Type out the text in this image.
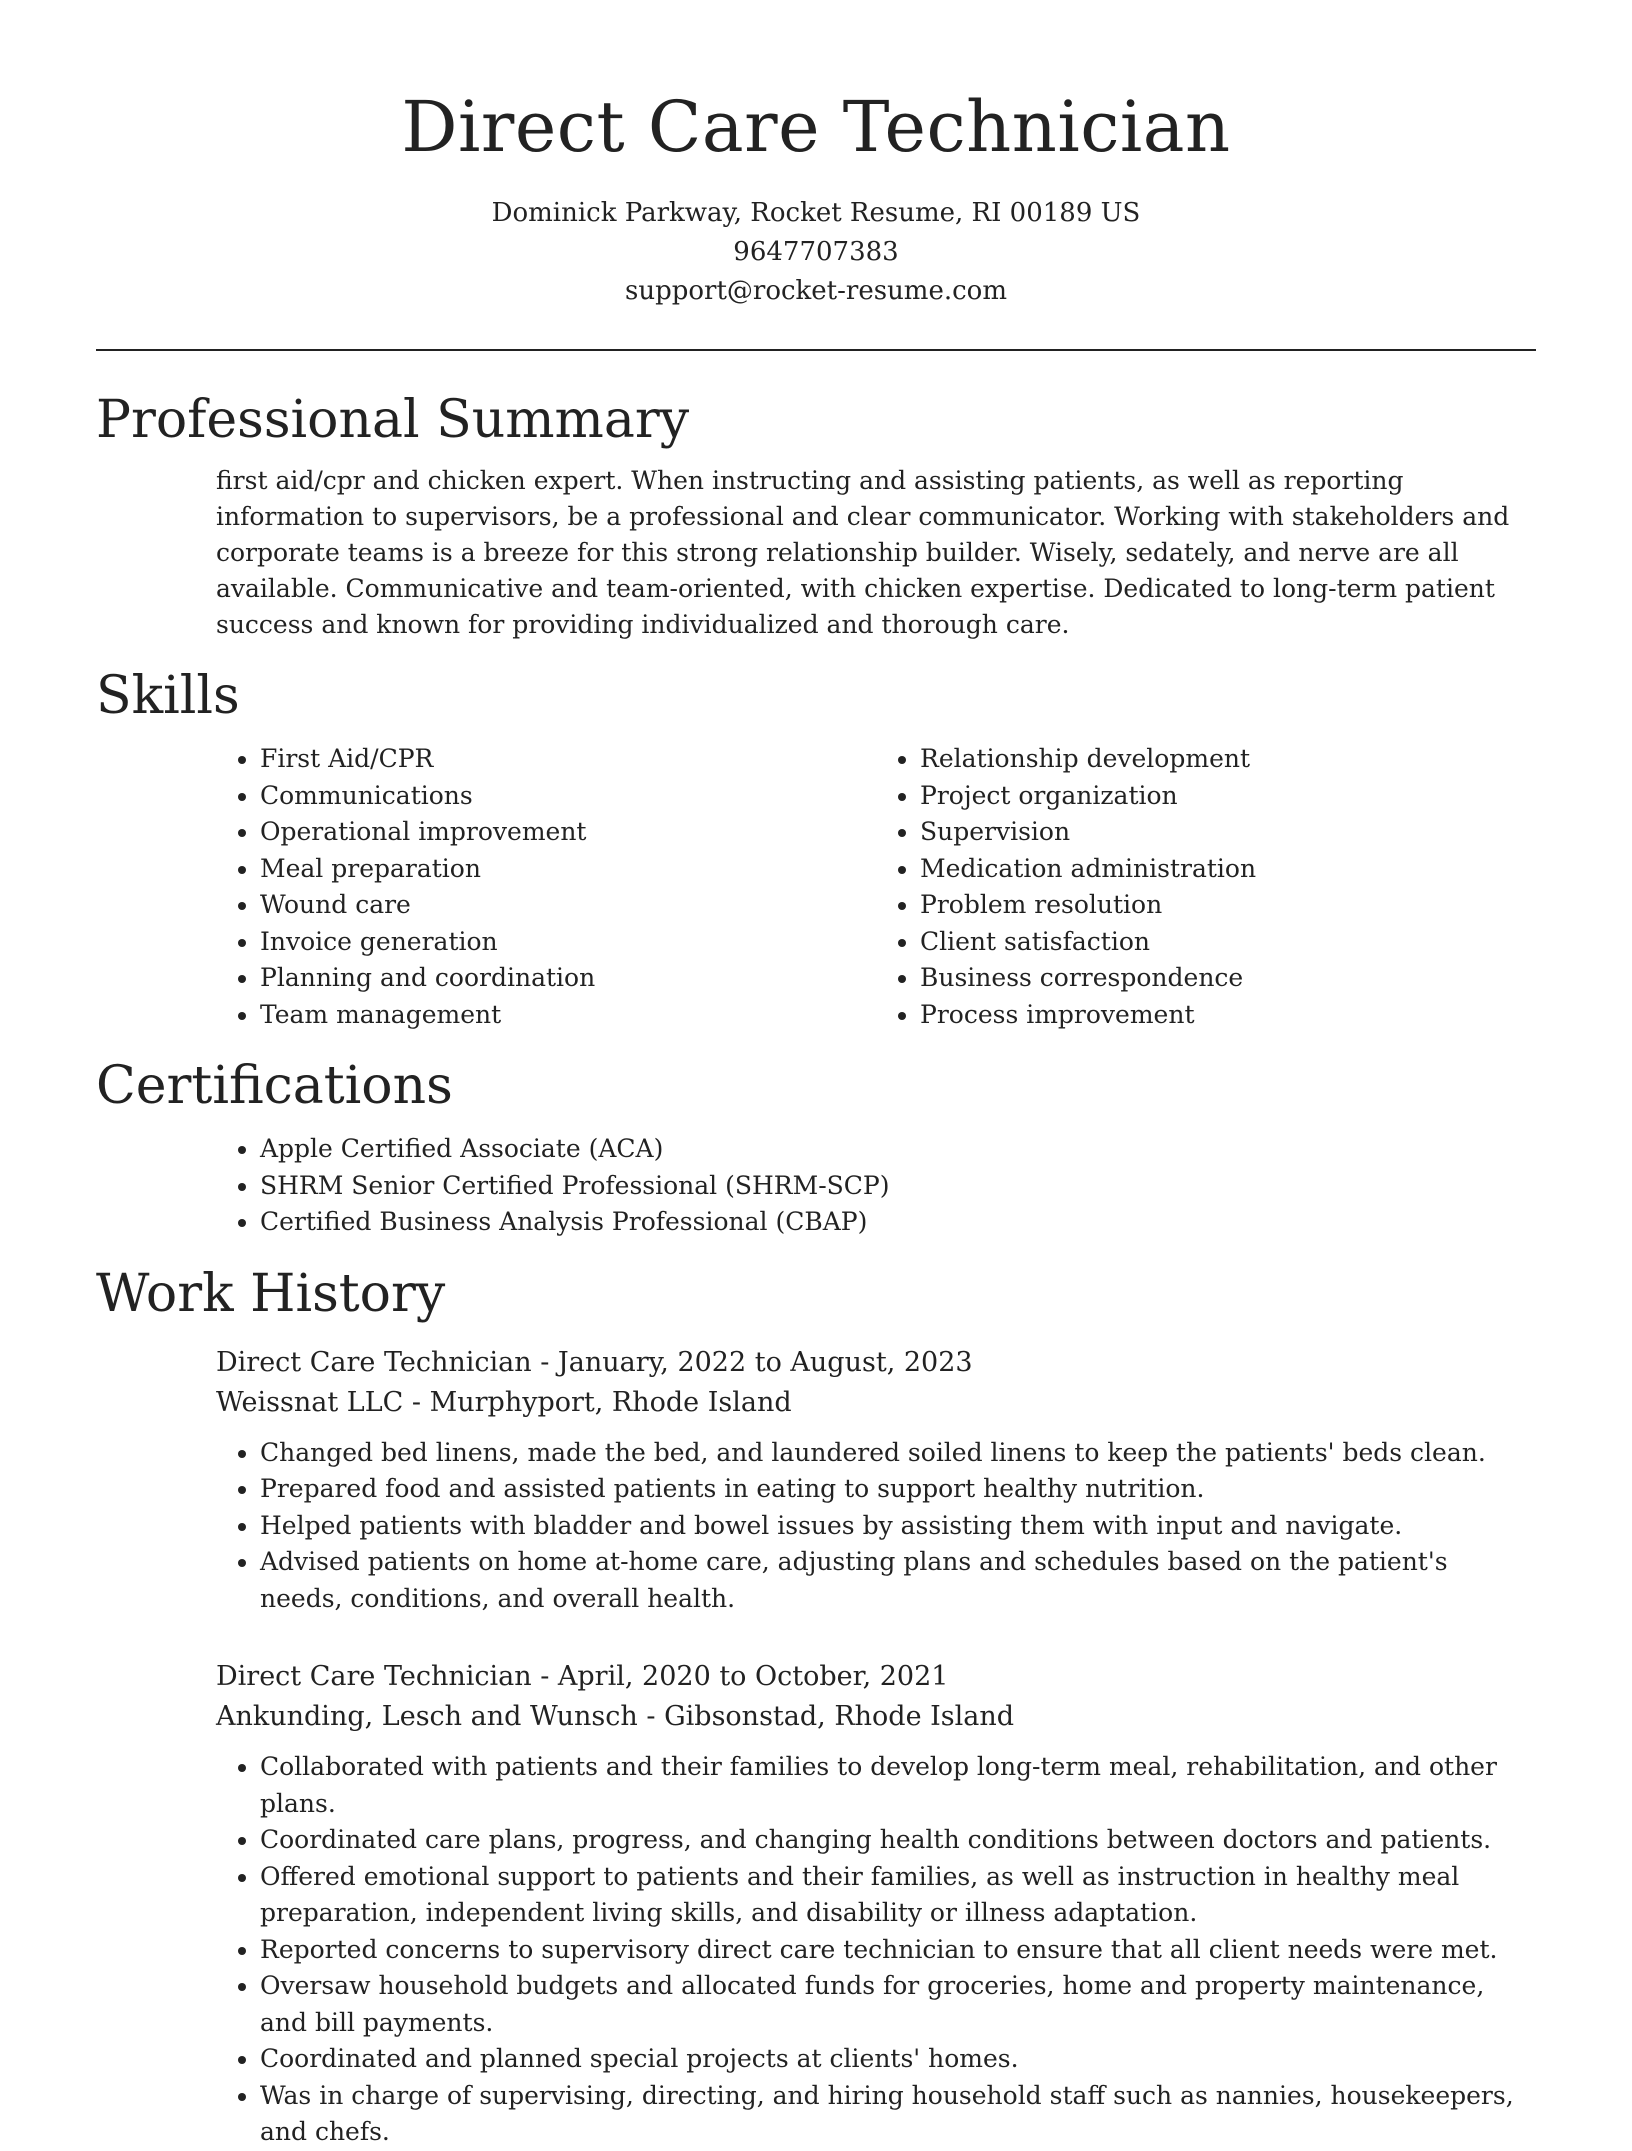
Direct Care Technician
Dominick Parkway, Rocket Resume, RI 00189 US
9647707383
support@rocket-resume.com
Professional Summary

first aid/cpr and chicken expert. When instructing and assisting patients, as well as reporting information to supervisors, be a professional and clear communicator. Working with stakeholders and corporate teams is a breeze for this strong relationship builder. Wisely, sedately, and nerve are all available. Communicative and team-oriented, with chicken expertise. Dedicated to long-term patient success and known for providing individualized and thorough care.

Skills
• First Aid/CPR
• Communications
• Operational improvement
• Meal preparation
• Wound care
• Invoice generation
• Planning and coordination
• Team management
• Relationship development
• Project organization
• Supervision
• Medication administration
• Problem resolution
• Client satisfaction
• Business correspondence
• Process improvement
Certifications
• Apple Certified Associate (ACA)
• SHRM Senior Certified Professional (SHRM-SCP)
• Certified Business Analysis Professional (CBAP)
Work History
Direct Care Technician - January, 2022 to August, 2023
Weissnat LLC - Murphyport, Rhode Island
• Changed bed linens, made the bed, and laundered soiled linens to keep the patients' beds clean.
• Prepared food and assisted patients in eating to support healthy nutrition.
• Helped patients with bladder and bowel issues by assisting them with input and navigate.
• Advised patients on home at-home care, adjusting plans and schedules based on the patient's needs, conditions, and overall health.
Direct Care Technician - April, 2020 to October, 2021
Ankunding, Lesch and Wunsch - Gibsonstad, Rhode Island
• Collaborated with patients and their families to develop long-term meal, rehabilitation, and other plans.
• Coordinated care plans, progress, and changing health conditions between doctors and patients.
• Offered emotional support to patients and their families, as well as instruction in healthy meal preparation, independent living skills, and disability or illness adaptation.
• Reported concerns to supervisory direct care technician to ensure that all client needs were met.
• Oversaw household budgets and allocated funds for groceries, home and property maintenance, and bill payments.
• Coordinated and planned special projects at clients' homes.
• Was in charge of supervising, directing, and hiring household staff such as nannies, housekeepers, and chefs.
